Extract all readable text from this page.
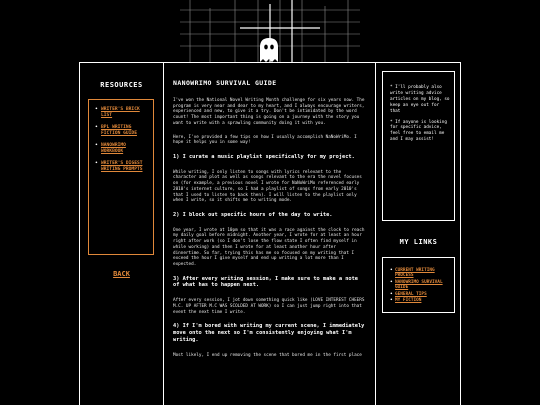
RESOURCES
• WRITER'S BRICK LIST
• BPL WRITING FICTION GUIDE
• NANOWRIMO WORKBOOK
• WRITER'S DIGEST WRITING PROMPTS
BACK
NANOWRIMO SURVIVAL GUIDE

I've won the National Novel Writing Month challenge for six years now. The program is very near and dear to my heart, and I always encourage writers, experienced and new, to give it a try. Don't be intimidated by the word count! The most important thing is going on a journey with the story you want to write with a sprawling community doing it with you.

Here, I've provided a few tips on how I usually accomplish NaNoWriMo. I hope it helps you in some way!

1) I curate a music playlist specifically for my project.

While writing, I only listen to songs with lyrics relevant to the character and plot as well as songs relevant to the era the novel focuses on (for example, a previous novel I wrote for NaNoWriMo referenced early 2010's internet culture, so I had a playlist of songs from early 2010's that I used to listen to back then). I will listen to the playlist only when I write, so it shifts me to writing mode.

2) I block out specific hours of the day to write.

One year, I wrote at 10pm so that it was a race against the clock to reach my daily goal before midnight. Another year, I wrote for at least an hour right after work (so I don't lose the flow state I often find myself in while working) and then I wrote for at least another hour after dinnertime. So far, trying this has me so focused on my writing that I exceed the hour I give myself and end up writing a lot more than I expected.

3) After every writing session, I make sure to make a note of what has to happen next.

After every session, I jot down something quick like (LOVE INTEREST CHEERS M.C. UP AFTER M.C WAS SCOLDED AT WORK) so I can just jump right into that event the next time I write.

4) If I'm bored with writing my current scene, I immediately move onto the next so I'm consistently enjoying what I'm writing.

Most likely, I end up removing the scene that bored me in the first place

* I'll probably also write writing advice articles on my blog, so keep an eye out for that

* If anyone is looking for specific advice, feel free to email me and I may assist!

MY LINKS
• CURRENT WRITING PROCESS
• NANOWRIMO SURVIVAL GUIDE
• GENERAL TIPS
• MY FICTION
